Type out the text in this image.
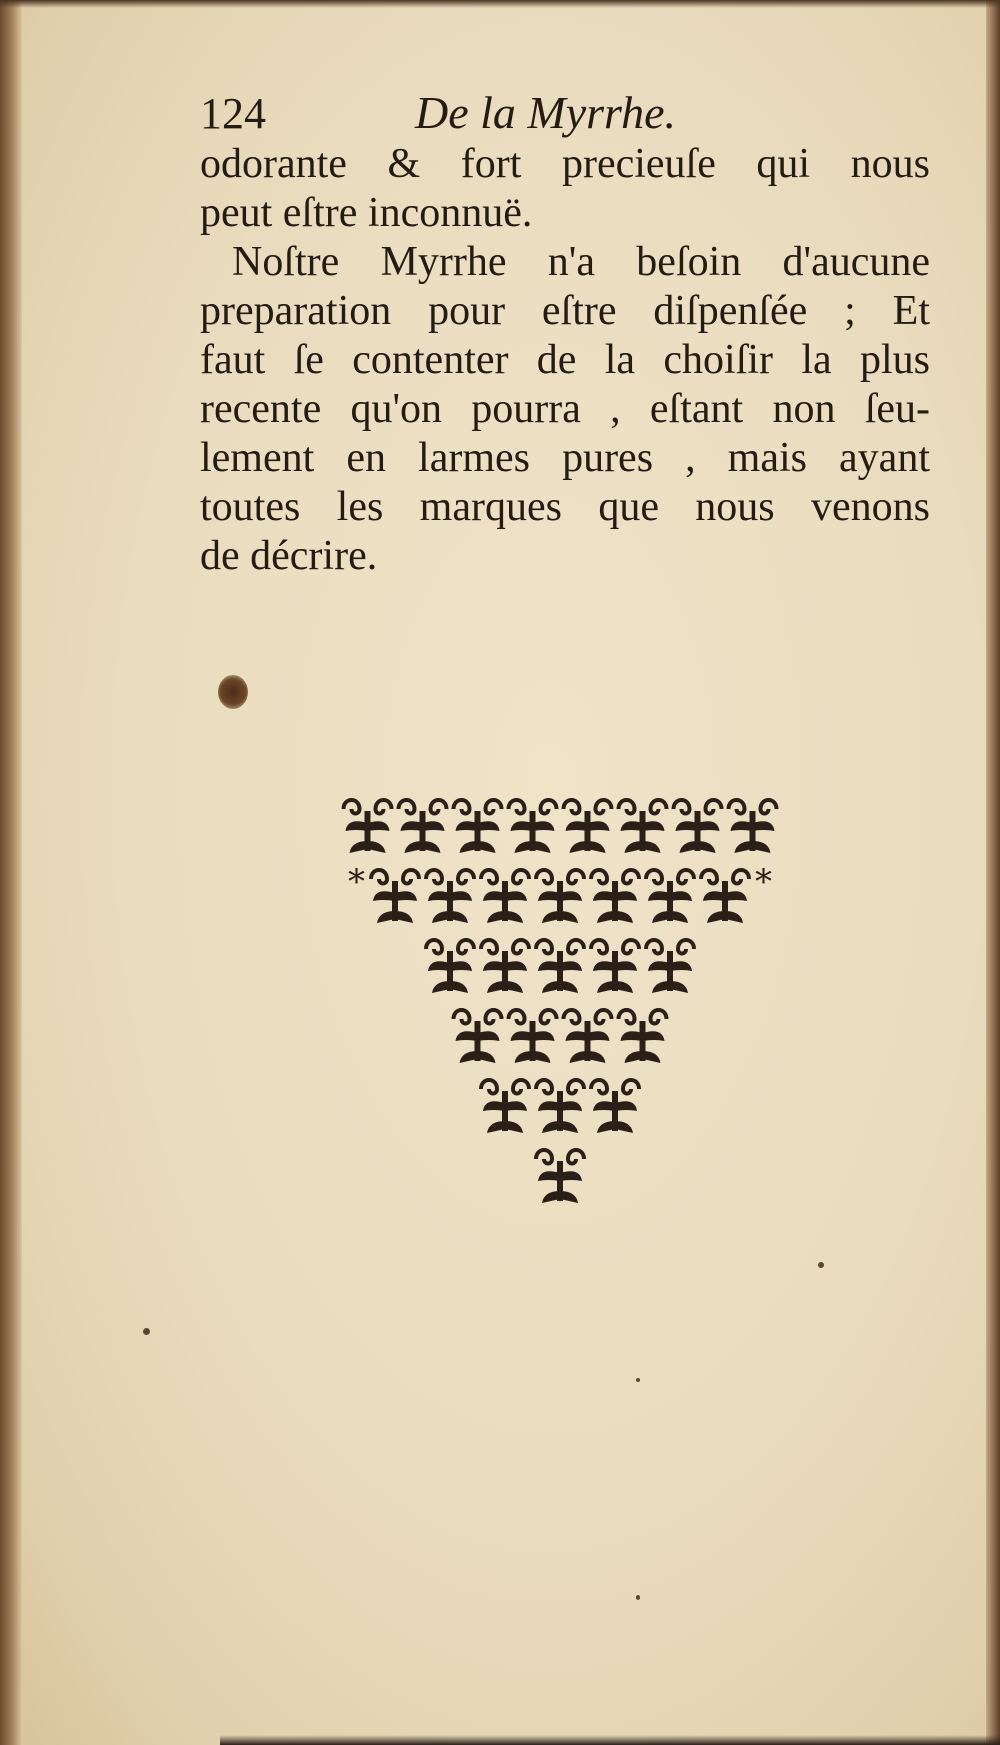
124	De la Myrrhe.
odorante & fort precieuſe qui nous
peut eſtre inconnuë.
Noſtre Myrrhe n'a beſoin d'aucune
preparation pour eſtre diſpenſée ; Et
faut ſe contenter de la choiſir la plus
recente qu'on pourra , eſtant non ſeu-
lement en larmes pures , mais ayant
toutes les marques que nous venons
de décrire.
*	*
